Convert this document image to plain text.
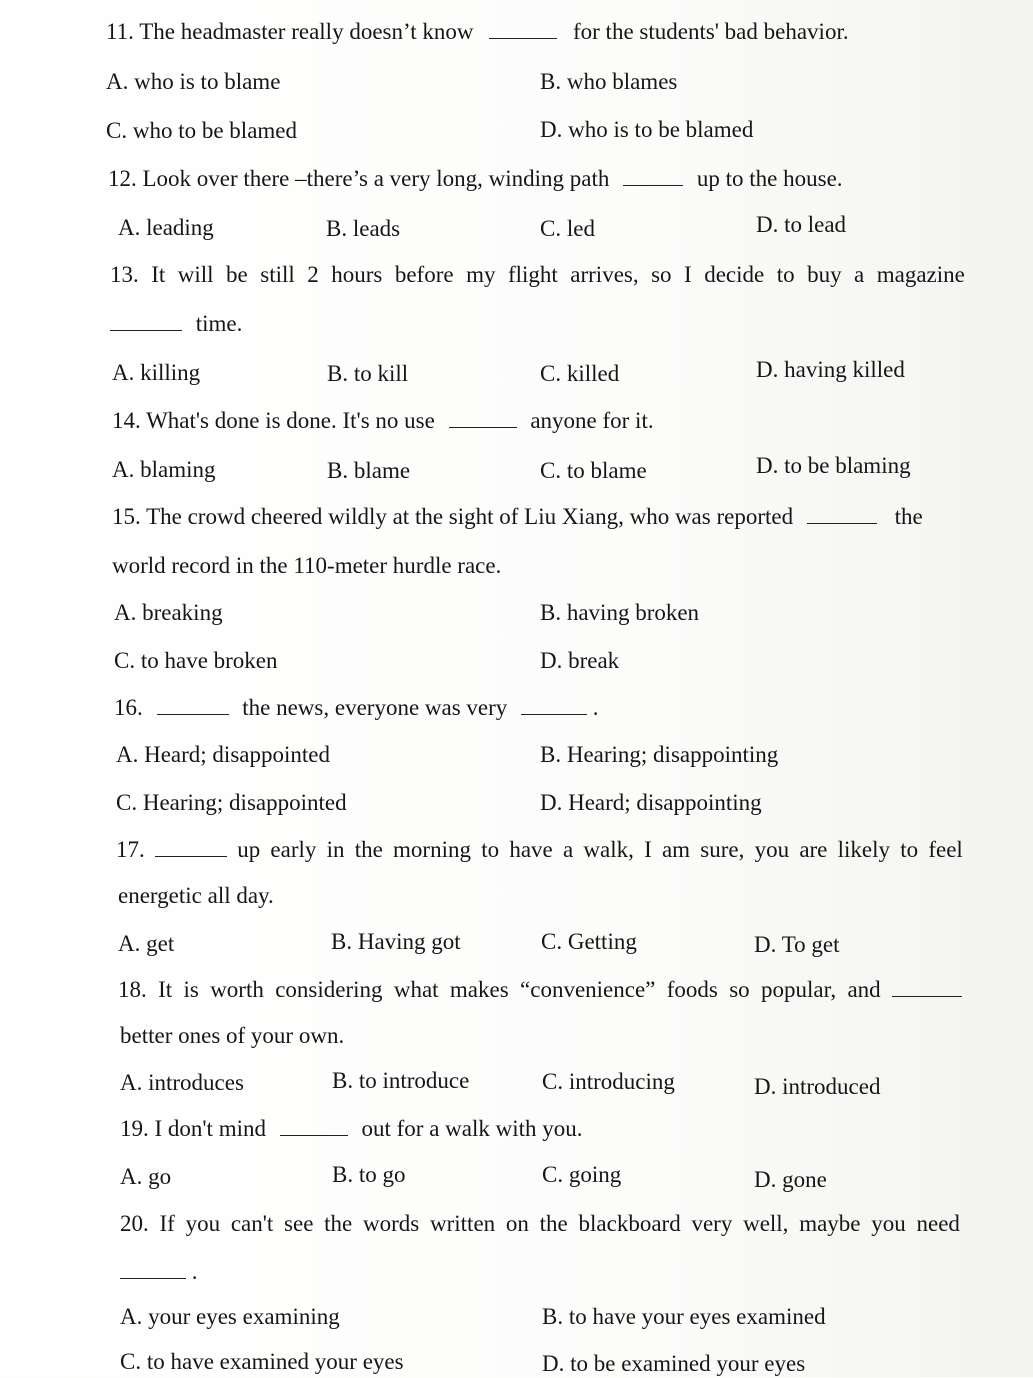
11. The headmaster really doesn’t know	for the students' bad behavior.
A. who is to blame	B. who blames
C. who to be blamed	D. who is to be blamed
12. Look over there –there’s a very long, winding path	up to the house.
A. leading	B. leads	C. led	D. to lead
13. It will be still 2 hours before my flight arrives, so I decide to buy a magazine
time.
A. killing	B. to kill	C. killed	D. having killed
14. What's done is done. It's no use	anyone for it.
A. blaming	B. blame	C. to blame	D. to be blaming
15. The crowd cheered wildly at the sight of Liu Xiang, who was reported	the
world record in the 110-meter hurdle race.
A. breaking	B. having broken
C. to have broken	D. break
16.	the news, everyone was very	.
A. Heard; disappointed	B. Hearing; disappointing
C. Hearing; disappointed	D. Heard; disappointing
17.	up early in the morning to have a walk, I am sure, you are likely to feel
energetic all day.
A. get	B. Having got	C. Getting	D. To get
18. It is worth considering what makes “convenience” foods so popular, and
better ones of your own.
A. introduces	B. to introduce	C. introducing	D. introduced
19. I don't mind	out for a walk with you.
A. go	B. to go	C. going	D. gone
20. If you can't see the words written on the blackboard very well, maybe you need
.
A. your eyes examining	B. to have your eyes examined
C. to have examined your eyes	D. to be examined your eyes
